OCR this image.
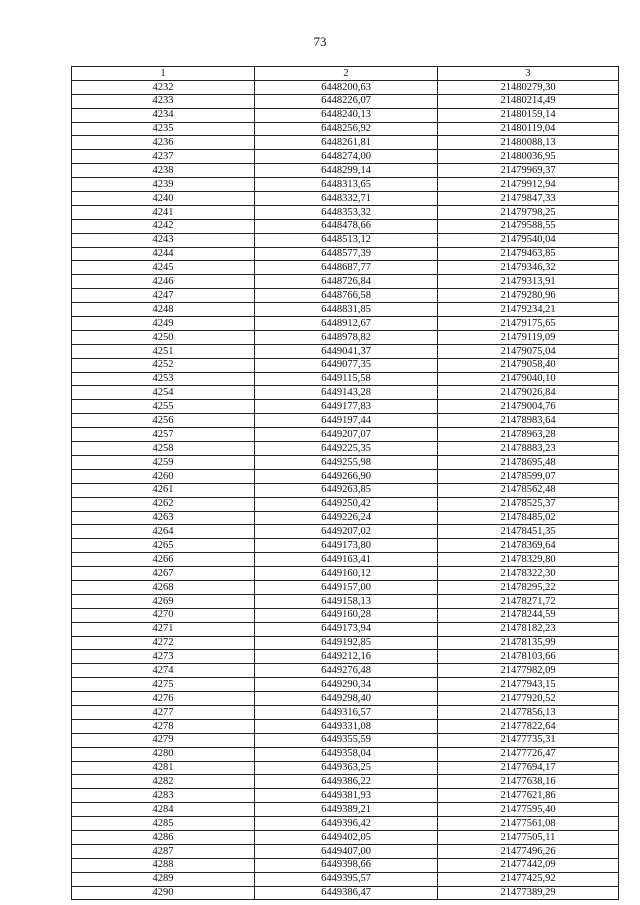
73
1	2	3
4232	6448200,63	21480279,30
4233	6448226,07	21480214,49
4234	6448240,13	21480159,14
4235	6448256,92	21480119,04
4236	6448261,81	21480088,13
4237	6448274,00	21480036,95
4238	6448299,14	21479969,37
4239	6448313,65	21479912,94
4240	6448332,71	21479847,33
4241	6448353,32	21479798,25
4242	6448478,66	21479588,55
4243	6448513,12	21479540,04
4244	6448577,39	21479463,85
4245	6448687,77	21479346,32
4246	6448726,84	21479313,91
4247	6448766,58	21479280,96
4248	6448831,85	21479234,21
4249	6448912,67	21479175,65
4250	6448978,82	21479119,09
4251	6449041,37	21479075,04
4252	6449077,35	21479058,40
4253	6449115,58	21479040,10
4254	6449143,28	21479026,84
4255	6449177,83	21479004,76
4256	6449197,44	21478983,64
4257	6449207,07	21478963,28
4258	6449225,35	21478883,23
4259	6449255,98	21478695,48
4260	6449266,90	21478599,07
4261	6449263,85	21478562,48
4262	6449250,42	21478525,37
4263	6449226,24	21478485,02
4264	6449207,02	21478451,35
4265	6449173,80	21478369,64
4266	6449163,41	21478329,80
4267	6449160,12	21478322,30
4268	6449157,00	21478295,22
4269	6449158,13	21478271,72
4270	6449160,28	21478244,59
4271	6449173,94	21478182,23
4272	6449192,85	21478135,99
4273	6449212,16	21478103,66
4274	6449276,48	21477982,09
4275	6449290,34	21477943,15
4276	6449298,40	21477920,52
4277	6449316,57	21477856,13
4278	6449331,08	21477822,64
4279	6449355,59	21477735,31
4280	6449358,04	21477726,47
4281	6449363,25	21477694,17
4282	6449386,22	21477638,16
4283	6449381,93	21477621,86
4284	6449389,21	21477595,40
4285	6449396,42	21477561,08
4286	6449402,05	21477505,11
4287	6449407,00	21477496,26
4288	6449398,66	21477442,09
4289	6449395,57	21477425,92
4290	6449386,47	21477389,29
